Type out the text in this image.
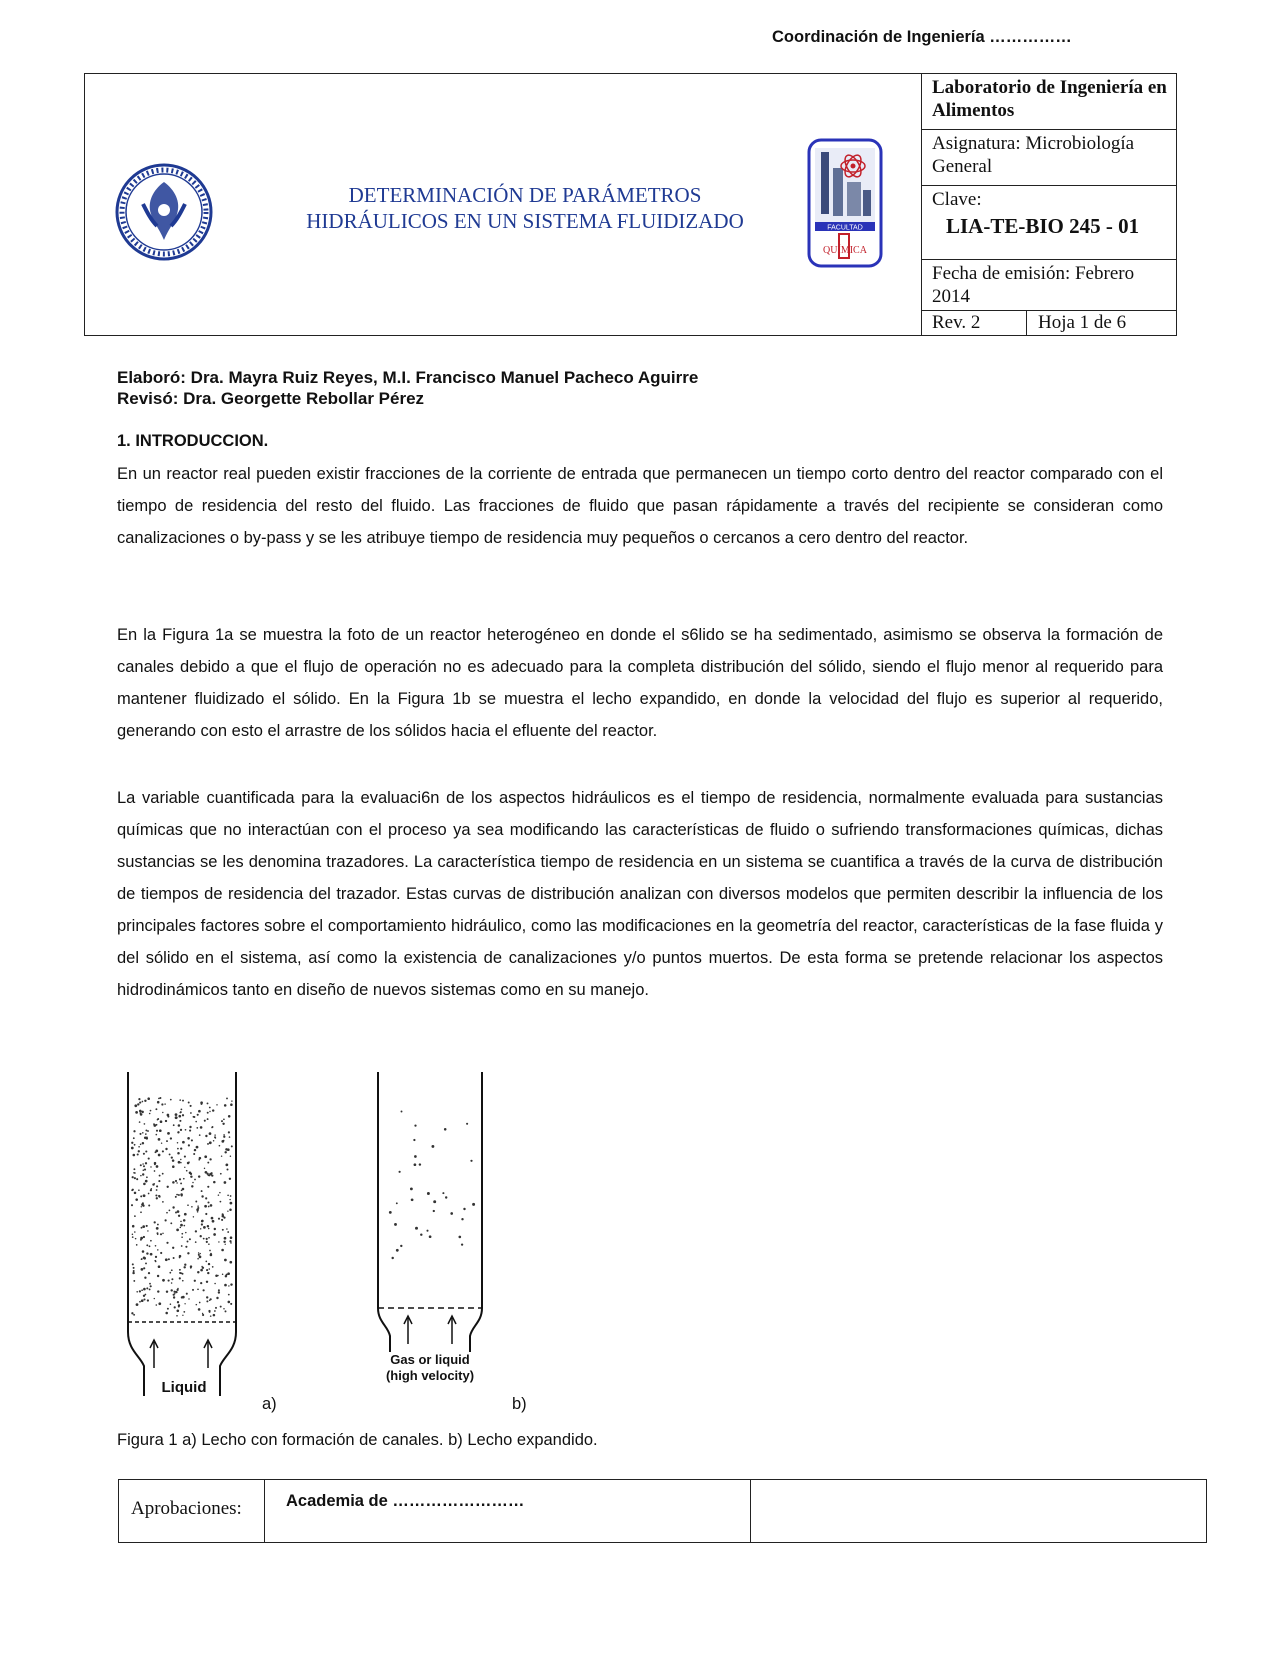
DETERMINACIÓN DE PARÁMETROS
HIDRÁULICOS EN UN SISTEMA FLUIDIZADO	FACULTAD
QUÍMICA
Laboratorio de Ingeniería en Alimentos
Asignatura: Microbiología General
Clave:
LIA-TE-BIO 245 - 01
Fecha de emisión: Febrero 2014
Rev. 2	Hoja 1 de 6
Elaboró: Dra. Mayra Ruiz Reyes, M.I. Francisco Manuel Pacheco Aguirre
Revisó: Dra. Georgette Rebollar Pérez
1. INTRODUCCION.
En un reactor real pueden existir fracciones de la corriente de entrada que permanecen un tiempo corto dentro del reactor comparado con el tiempo de residencia del resto del fluido. Las fracciones de fluido que pasan rápidamente a través del recipiente se consideran como canalizaciones o by-pass y se les atribuye tiempo de residencia muy pequeños o cercanos a cero dentro del reactor.
En la Figura 1a se muestra la foto de un reactor heterogéneo en donde el s6lido se ha sedimentado, asimismo se observa la formación de canales debido a que el flujo de operación no es adecuado para la completa distribución del sólido, siendo el flujo menor al requerido para mantener fluidizado el sólido. En la Figura 1b se muestra el lecho expandido, en donde la velocidad del flujo es superior al requerido, generando con esto el arrastre de los sólidos hacia el efluente del reactor.
La variable cuantificada para la evaluaci6n de los aspectos hidráulicos es el tiempo de residencia, normalmente evaluada para sustancias químicas que no interactúan con el proceso ya sea modificando las características de fluido o sufriendo transformaciones químicas, dichas sustancias se les denomina trazadores. La característica tiempo de residencia en un sistema se cuantifica a través de la curva de distribución de tiempos de residencia del trazador. Estas curvas de distribución analizan con diversos modelos que permiten describir la influencia de los principales factores sobre el comportamiento hidráulico, como las modificaciones en la geometría del reactor, características de la fase fluida y del sólido en el sistema, así como la existencia de canalizaciones y/o puntos muertos. De esta forma se pretende relacionar los aspectos hidrodinámicos tanto en diseño de nuevos sistemas como en su manejo.
Liquid
Gas or liquid
(high velocity)
a)	b)
Figura 1 a) Lecho con formación de canales. b) Lecho expandido.
Aprobaciones:	Academia de ……………………
Coordinación de Ingeniería ……………
